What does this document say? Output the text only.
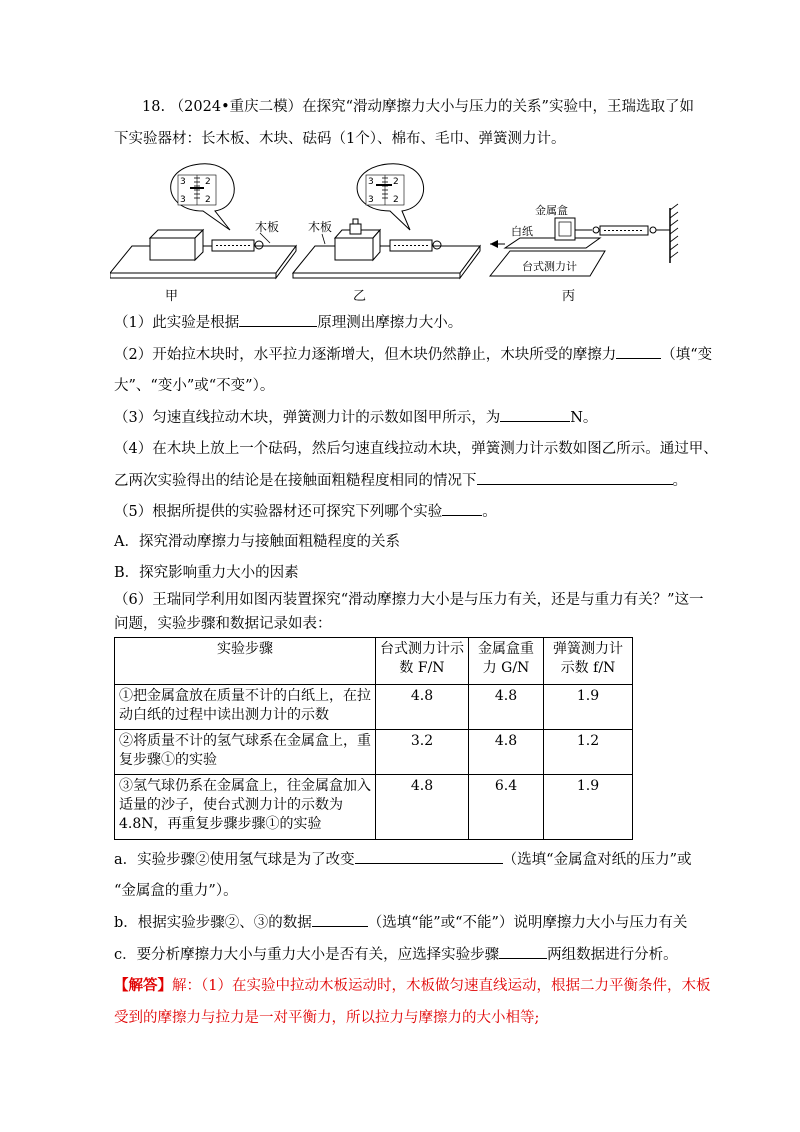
18. （2024•重庆二模）在探究“滑动摩擦力大小与压力的关系”实验中，王瑞选取了如
下实验器材：长木板、木块、砝码（1个）、棉布、毛巾、弹簧测力计。
3 2
3 2
木板
甲
3 2
3 2
木板
乙
台式测力计
白纸
金属盒
丙
（1）此实验是根据	原理测出摩擦力大小。
（2）开始拉木块时，水平拉力逐渐增大，但木块仍然静止，木块所受的摩擦力	（填“变
大”、“变小”或“不变”）。
（3）匀速直线拉动木块，弹簧测力计的示数如图甲所示，为	N。
（4）在木块上放上一个砝码，然后匀速直线拉动木块，弹簧测力计示数如图乙所示。通过甲、
乙两次实验得出的结论是在接触面粗糙程度相同的情况下	。
（5）根据所提供的实验器材还可探究下列哪个实验	。
A．探究滑动摩擦力与接触面粗糙程度的关系
B．探究影响重力大小的因素
（6）王瑞同学利用如图丙装置探究“滑动摩擦力大小是与压力有关，还是与重力有关？”这一
问题，实验步骤和数据记录如表：
实验步骤	台式测力计示数 F/N	金属盒重力 G/N	弹簧测力计示数 f/N
①把金属盒放在质量不计的白纸上，在拉动白纸的过程中读出测力计的示数	4.8	4.8	1.9
②将质量不计的氢气球系在金属盒上，重复步骤①的实验	3.2	4.8	1.2
③氢气球仍系在金属盒上，往金属盒加入适量的沙子，使台式测力计的示数为4.8N，再重复步骤步骤①的实验	4.8	6.4	1.9
a．实验步骤②使用氢气球是为了改变	（选填“金属盒对纸的压力”或
“金属盒的重力”）。
b．根据实验步骤②、③的数据	（选填“能”或“不能”）说明摩擦力大小与压力有关
c．要分析摩擦力大小与重力大小是否有关，应选择实验步骤	两组数据进行分析。
【解答】解：（1）在实验中拉动木板运动时，木板做匀速直线运动，根据二力平衡条件，木板
受到的摩擦力与拉力是一对平衡力，所以拉力与摩擦力的大小相等;
